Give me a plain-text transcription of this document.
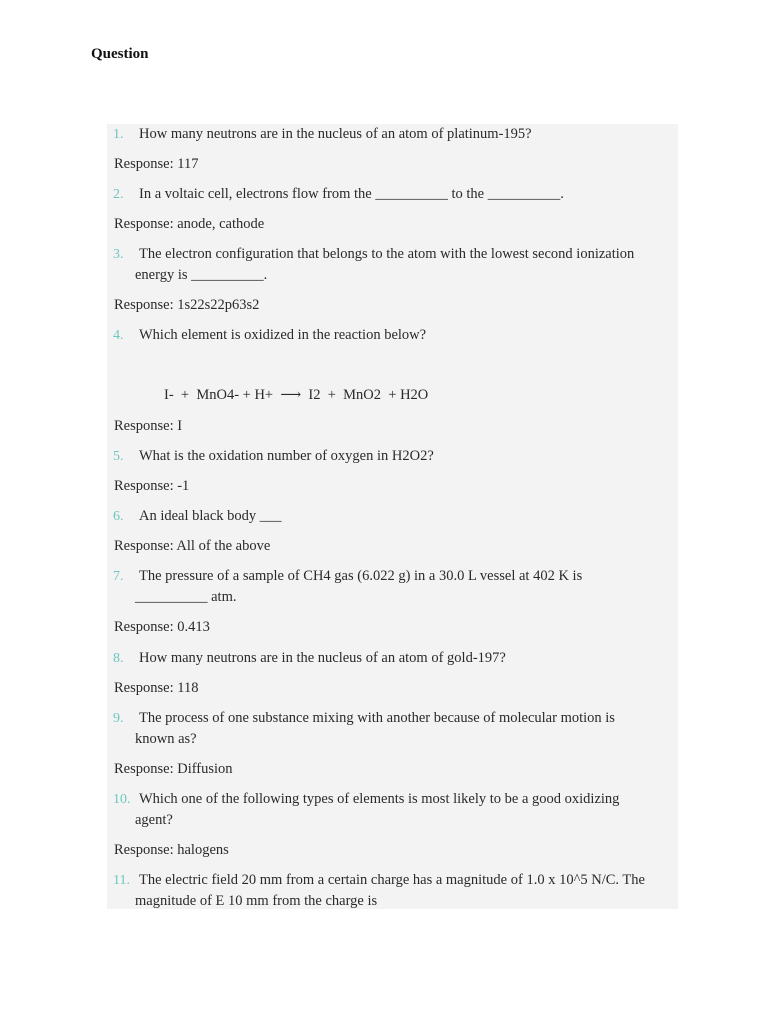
Question
1.	How many neutrons are in the nucleus of an atom of platinum-195?
Response: 117
2.	In a voltaic cell, electrons flow from the __________ to the __________.
Response: anode, cathode
3.	The electron configuration that belongs to the atom with the lowest second ionization
energy is __________.
Response: 1s22s22p63s2
4.	Which element is oxidized in the reaction below?
I-  +  MnO4- + H+  ⟶  I2  +  MnO2  + H2O
Response: I
5.	What is the oxidation number of oxygen in H2O2?
Response: -1
6.	An ideal black body ___
Response: All of the above
7.	The pressure of a sample of CH4 gas (6.022 g) in a 30.0 L vessel at 402 K is
__________ atm.
Response: 0.413
8.	How many neutrons are in the nucleus of an atom of gold-197?
Response: 118
9.	The process of one substance mixing with another because of molecular motion is
known as?
Response: Diffusion
10. Which one of the following types of elements is most likely to be a good oxidizing
agent?
Response: halogens
11. The electric field 20 mm from a certain charge has a magnitude of 1.0 x 10^5 N/C. The
magnitude of E 10 mm from the charge is
